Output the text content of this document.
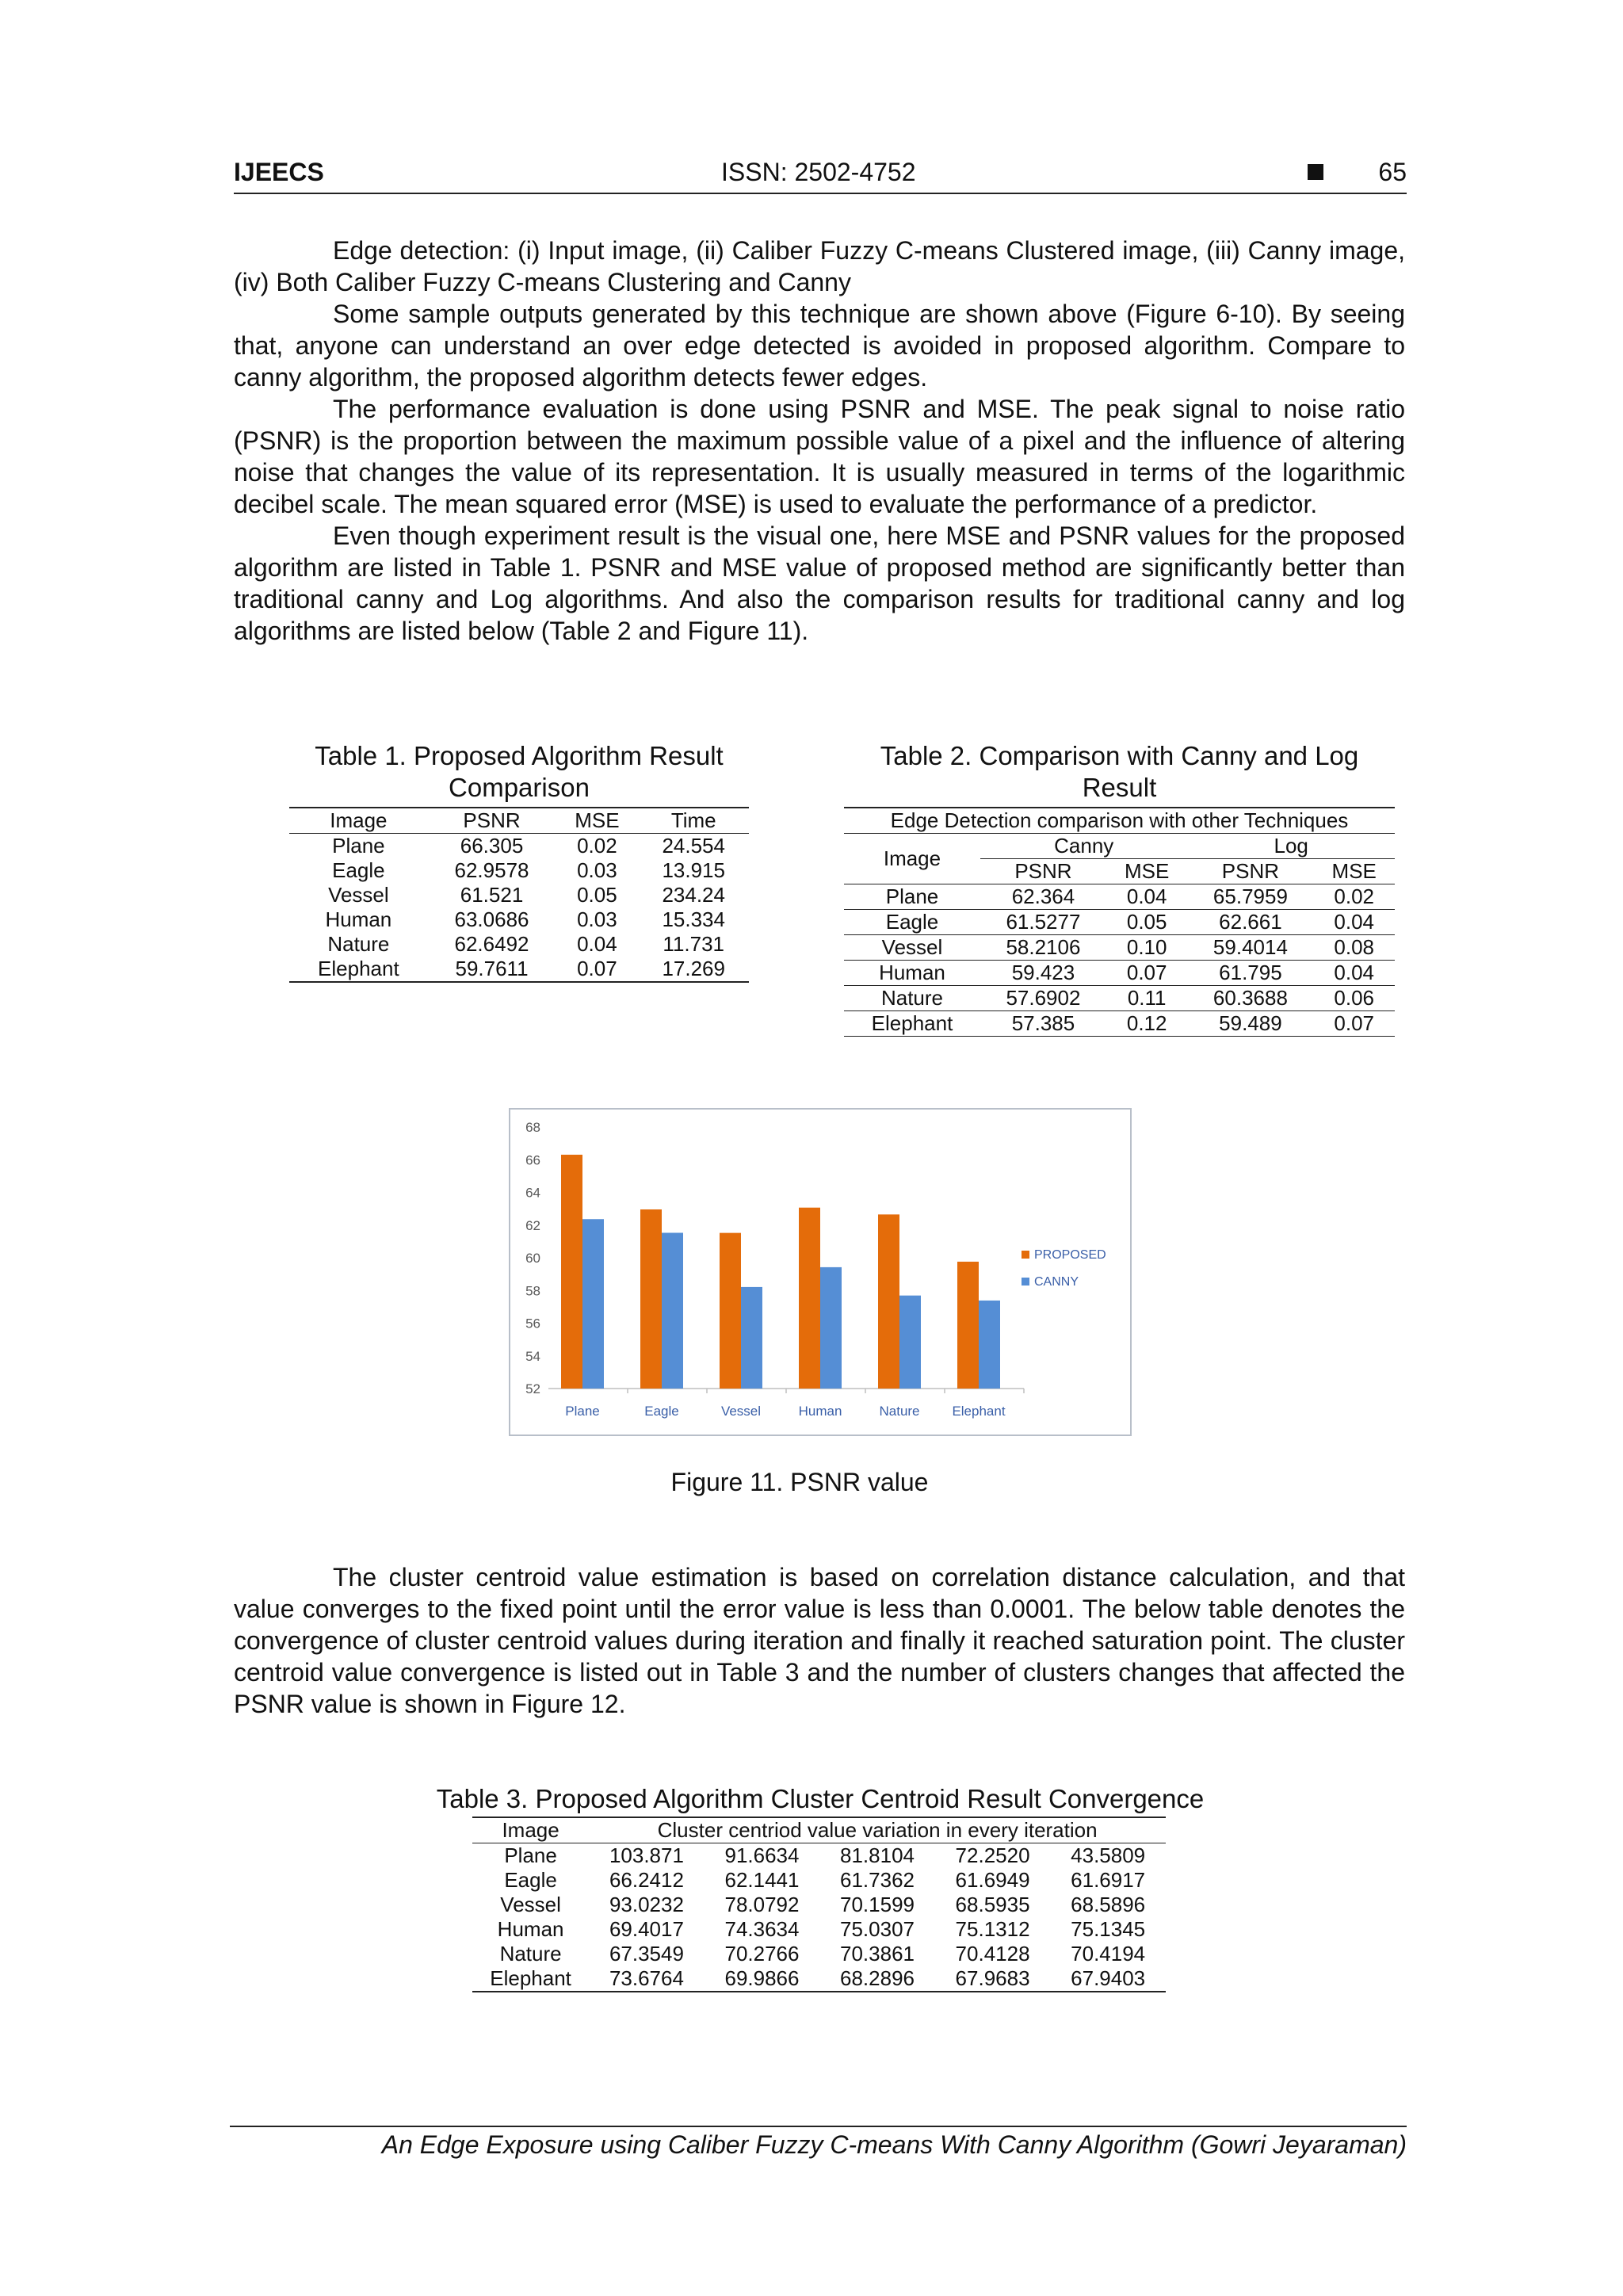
IJEECS	ISSN: 2502-4752	65

Edge detection: (i) Input image, (ii) Caliber Fuzzy C-means Clustered image, (iii) Canny image, (iv) Both Caliber Fuzzy C-means Clustering and Canny

Some sample outputs generated by this technique are shown above (Figure 6-10). By seeing that, anyone can understand an over edge detected is avoided in proposed algorithm. Compare to canny algorithm, the proposed algorithm detects fewer edges.

The performance evaluation is done using PSNR and MSE. The peak signal to noise ratio (PSNR) is the proportion between the maximum possible value of a pixel and the influence of altering noise that changes the value of its representation. It is usually measured in terms of the logarithmic decibel scale. The mean squared error (MSE) is used to evaluate the performance of a predictor.

Even though experiment result is the visual one, here MSE and PSNR values for the proposed algorithm are listed in Table 1. PSNR and MSE value of proposed method are significantly better than traditional canny and Log algorithms. And also the comparison results for traditional canny and log algorithms are listed below (Table 2 and Figure 11).

Table 1. Proposed Algorithm Result Comparison
Image	PSNR	MSE	Time
Plane	66.305	0.02	24.554
Eagle	62.9578	0.03	13.915
Vessel	61.521	0.05	234.24
Human	63.0686	0.03	15.334
Nature	62.6492	0.04	11.731
Elephant	59.7611	0.07	17.269
Table 2. Comparison with Canny and Log Result
Edge Detection comparison with other Techniques				
Image	Canny		Log	
	PSNR	MSE	PSNR	MSE
Plane	62.364	0.04	65.7959	0.02
Eagle	61.5277	0.05	62.661	0.04
Vessel	58.2106	0.10	59.4014	0.08
Human	59.423	0.07	61.795	0.04
Nature	57.6902	0.11	60.3688	0.06
Elephant	57.385	0.12	59.489	0.07
52
54
56
58
60
62
64
66
68
Plane	Eagle	Vessel	Human	Nature Elephant
PROPOSED
CANNY
Figure 11. PSNR value

The cluster centroid value estimation is based on correlation distance calculation, and that value converges to the fixed point until the error value is less than 0.0001. The below table denotes the convergence of cluster centroid values during iteration and finally it reached saturation point. The cluster centroid value convergence is listed out in Table 3 and the number of clusters changes that affected the PSNR value is shown in Figure 12.

Table 3. Proposed Algorithm Cluster Centroid Result Convergence
Image	Cluster centriod value variation in every iteration				
Plane	103.871	91.6634	81.8104	72.2520	43.5809
Eagle	66.2412	62.1441	61.7362	61.6949	61.6917
Vessel	93.0232	78.0792	70.1599	68.5935	68.5896
Human	69.4017	74.3634	75.0307	75.1312	75.1345
Nature	67.3549	70.2766	70.3861	70.4128	70.4194
Elephant	73.6764	69.9866	68.2896	67.9683	67.9403
An Edge Exposure using Caliber Fuzzy C-means With Canny Algorithm (Gowri Jeyaraman)
